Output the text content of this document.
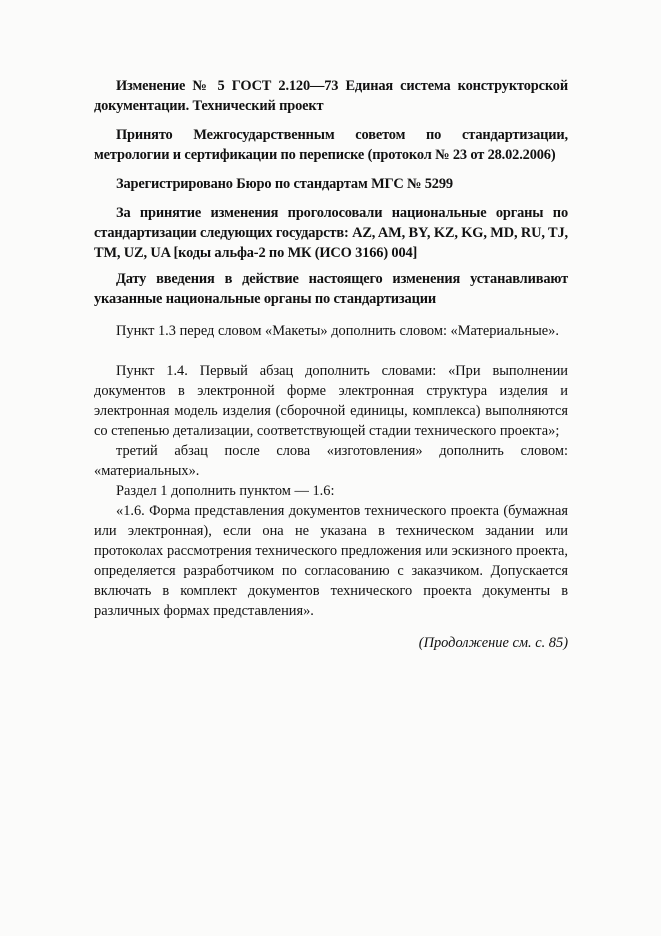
Изменение № 5 ГОСТ 2.120—73 Единая система конструкторской документации. Технический проект

Принято Межгосударственным советом по стандартизации, метрологии и сертификации по переписке (протокол № 23 от 28.02.2006)

Зарегистрировано Бюро по стандартам МГС № 5299

За принятие изменения проголосовали национальные органы по стандартизации следующих государств: AZ, AM, BY, KZ, KG, MD, RU, TJ, TM, UZ, UA [коды альфа-2 по МК (ИСО 3166) 004]

Дату введения в действие настоящего изменения устанавливают указанные национальные органы по стандартизации

Пункт 1.3 перед словом «Макеты» дополнить словом: «Материальные».

Пункт 1.4. Первый абзац дополнить словами: «При выполнении документов в электронной форме электронная структура изделия и электронная модель изделия (сборочной единицы, комплекса) выполняются со степенью детализации, соответствующей стадии технического проекта»;

третий абзац после слова «изготовления» дополнить словом: «материальных».

Раздел 1 дополнить пунктом — 1.6:

«1.6. Форма представления документов технического проекта (бумажная или электронная), если она не указана в техническом задании или протоколах рассмотрения технического предложения или эскизного проекта, определяется разработчиком по согласованию с заказчиком. Допускается включать в комплект документов технического проекта документы в различных формах представления».

(Продолжение см. с. 85)
